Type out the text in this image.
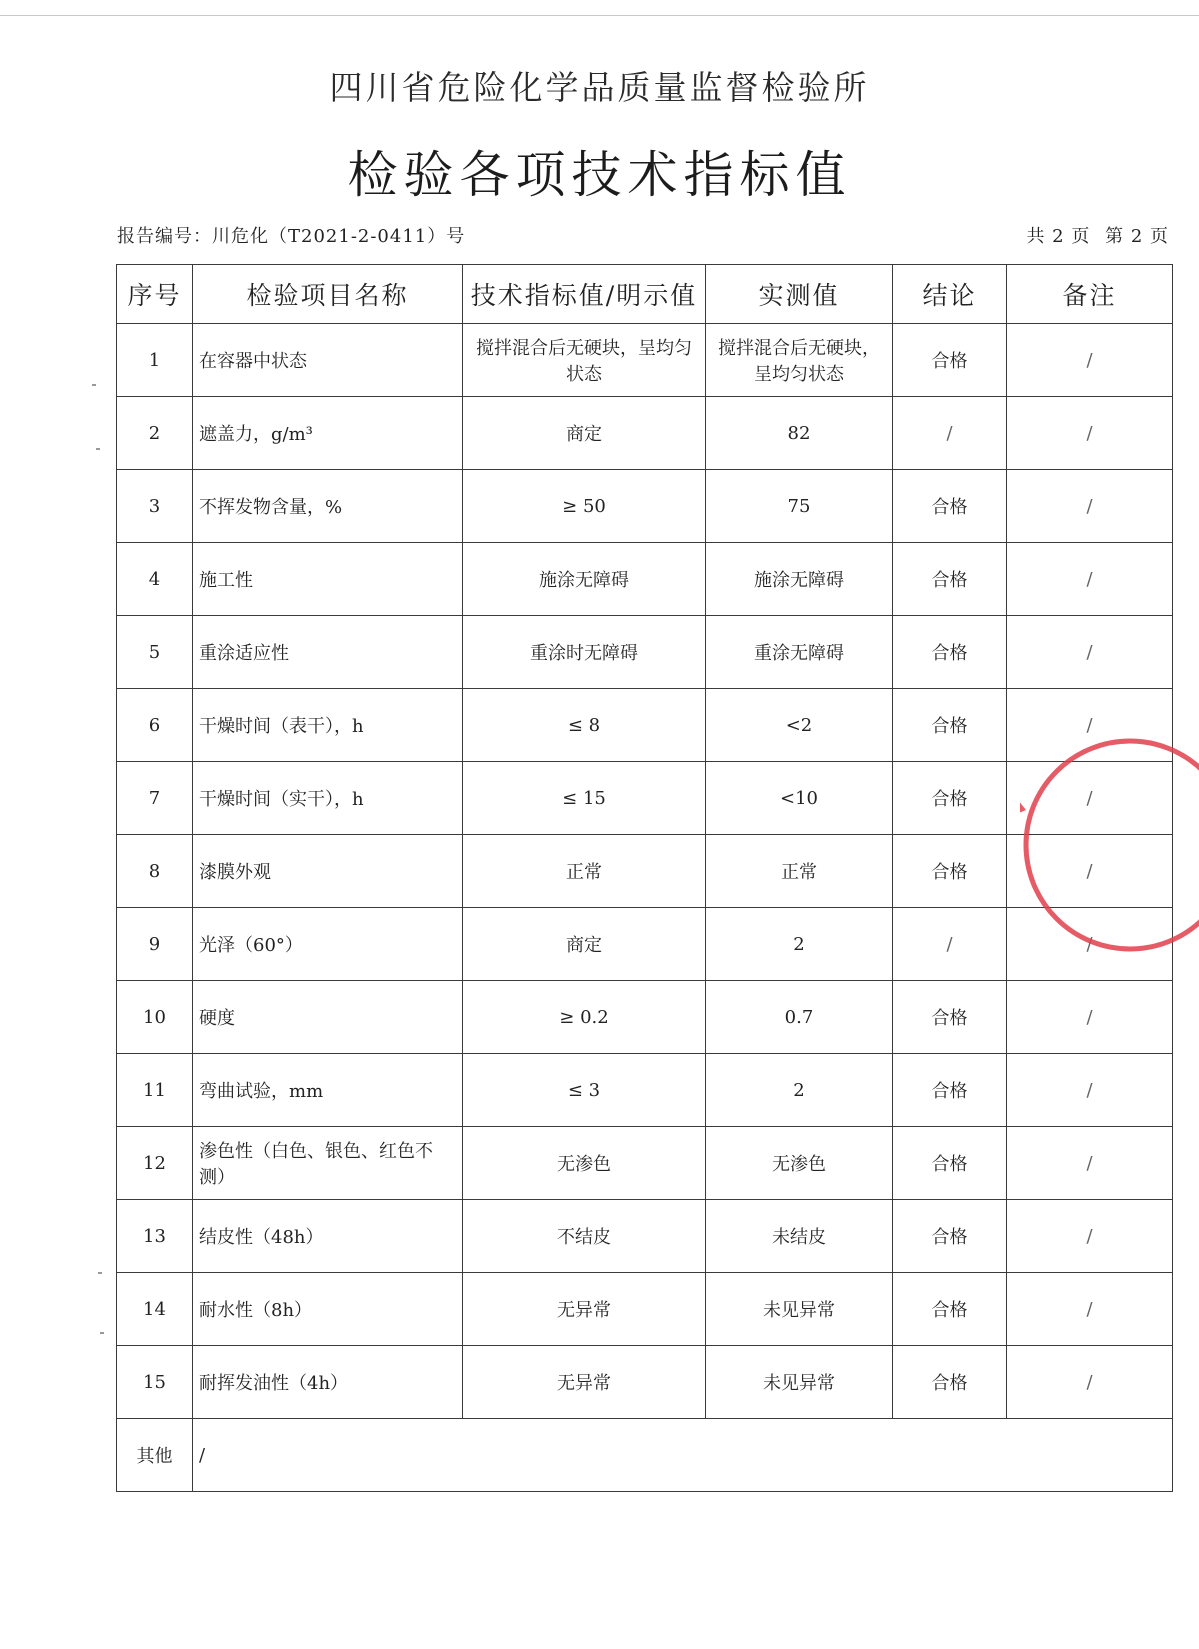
四川省危险化学品质量监督检验所
检验各项技术指标值
报告编号：川危化（T2021-2-0411）号	共 2 页 第 2 页
序号	检验项目名称	技术指标值/明示值	实测值	结论	备注
1	在容器中状态	搅拌混合后无硬块，呈均匀状态	搅拌混合后无硬块，呈均匀状态	合格	/
2	遮盖力，g/m³	商定	82	/	/
3	不挥发物含量，%	≥ 50	75	合格	/
4	施工性	施涂无障碍	施涂无障碍	合格	/
5	重涂适应性	重涂时无障碍	重涂无障碍	合格	/
6	干燥时间（表干），h	≤ 8	<2	合格	/
7	干燥时间（实干），h	≤ 15	<10	合格	/
8	漆膜外观	正常	正常	合格	/
9	光泽（60°）	商定	2	/	/
10	硬度	≥ 0.2	0.7	合格	/
11	弯曲试验，mm	≤ 3	2	合格	/
12	渗色性（白色、银色、红色不测）	无渗色	无渗色	合格	/
13	结皮性（48h）	不结皮	未结皮	合格	/
14	耐水性（8h）	无异常	未见异常	合格	/
15	耐挥发油性（4h）	无异常	未见异常	合格	/
其他	/				
